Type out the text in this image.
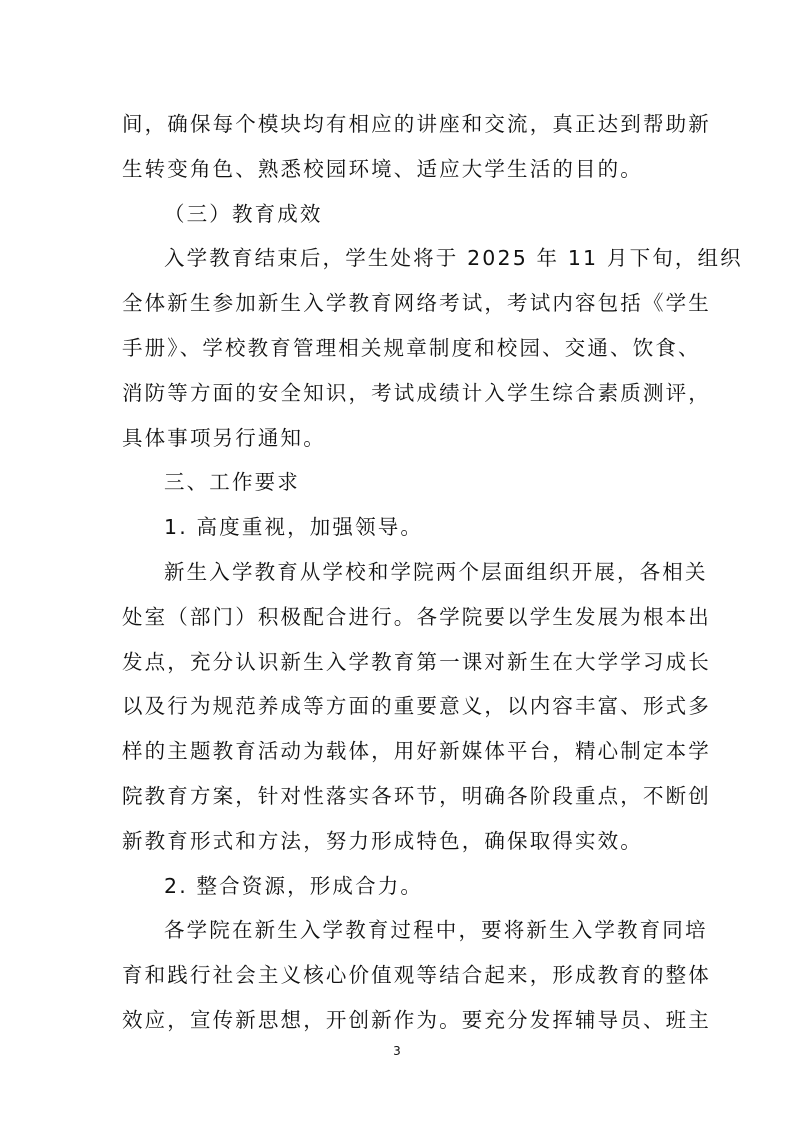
间，确保每个模块均有相应的讲座和交流，真正达到帮助新
生转变角色、熟悉校园环境、适应大学生活的目的。
（三）教育成效
入学教育结束后，学生处将于 2025 年 11 月下旬，组织
全体新生参加新生入学教育网络考试，考试内容包括《学生
手册》、学校教育管理相关规章制度和校园、交通、饮食、
消防等方面的安全知识，考试成绩计入学生综合素质测评，
具体事项另行通知。
三、工作要求
1. 高度重视，加强领导。
新生入学教育从学校和学院两个层面组织开展，各相关
处室（部门）积极配合进行。各学院要以学生发展为根本出
发点，充分认识新生入学教育第一课对新生在大学学习成长
以及行为规范养成等方面的重要意义，以内容丰富、形式多
样的主题教育活动为载体，用好新媒体平台，精心制定本学
院教育方案，针对性落实各环节，明确各阶段重点，不断创
新教育形式和方法，努力形成特色，确保取得实效。
2. 整合资源，形成合力。
各学院在新生入学教育过程中，要将新生入学教育同培
育和践行社会主义核心价值观等结合起来，形成教育的整体
效应，宣传新思想，开创新作为。要充分发挥辅导员、班主
3
